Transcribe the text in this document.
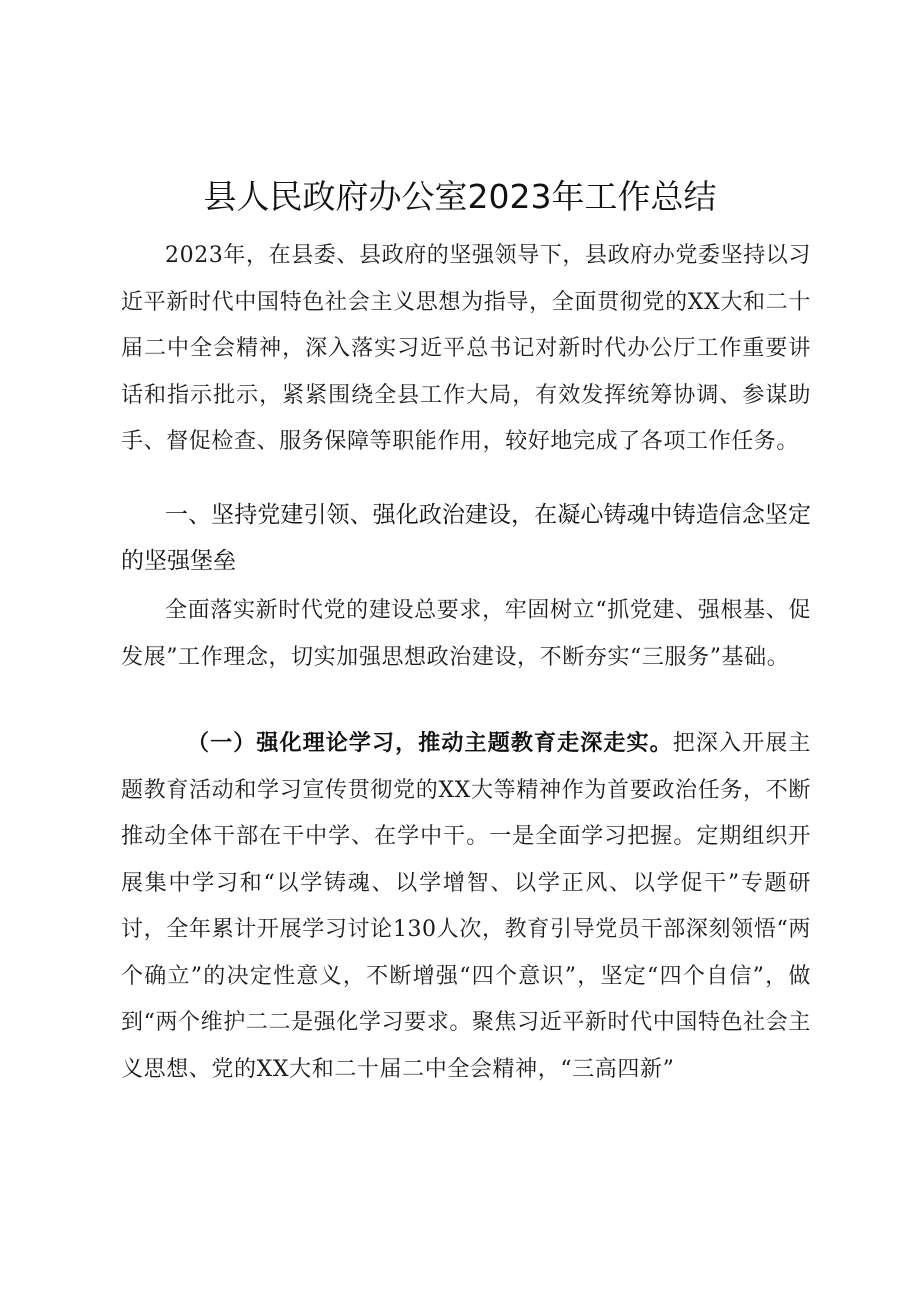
县人民政府办公室2023年工作总结

2023年，在县委、县政府的坚强领导下，县政府办党委坚持以习近平新时代中国特色社会主义思想为指导，全面贯彻党的XX大和二十届二中全会精神，深入落实习近平总书记对新时代办公厅工作重要讲话和指示批示，紧紧围绕全县工作大局，有效发挥统筹协调、参谋助手、督促检查、服务保障等职能作用，较好地完成了各项工作任务。

一、坚持党建引领、强化政治建设，在凝心铸魂中铸造信念坚定的坚强堡垒

全面落实新时代党的建设总要求，牢固树立“抓党建、强根基、促发展”工作理念，切实加强思想政治建设，不断夯实“三服务”基础。

（一）强化理论学习，推动主题教育走深走实。把深入开展主题教育活动和学习宣传贯彻党的XX大等精神作为首要政治任务，不断推动全体干部在干中学、在学中干。一是全面学习把握。定期组织开展集中学习和“以学铸魂、以学增智、以学正风、以学促干”专题研讨，全年累计开展学习讨论130人次，教育引导党员干部深刻领悟“两个确立”的决定性意义，不断增强“四个意识”，坚定“四个自信”，做到“两个维护二二是强化学习要求。聚焦习近平新时代中国特色社会主义思想、党的XX大和二十届二中全会精神，“三高四新”
